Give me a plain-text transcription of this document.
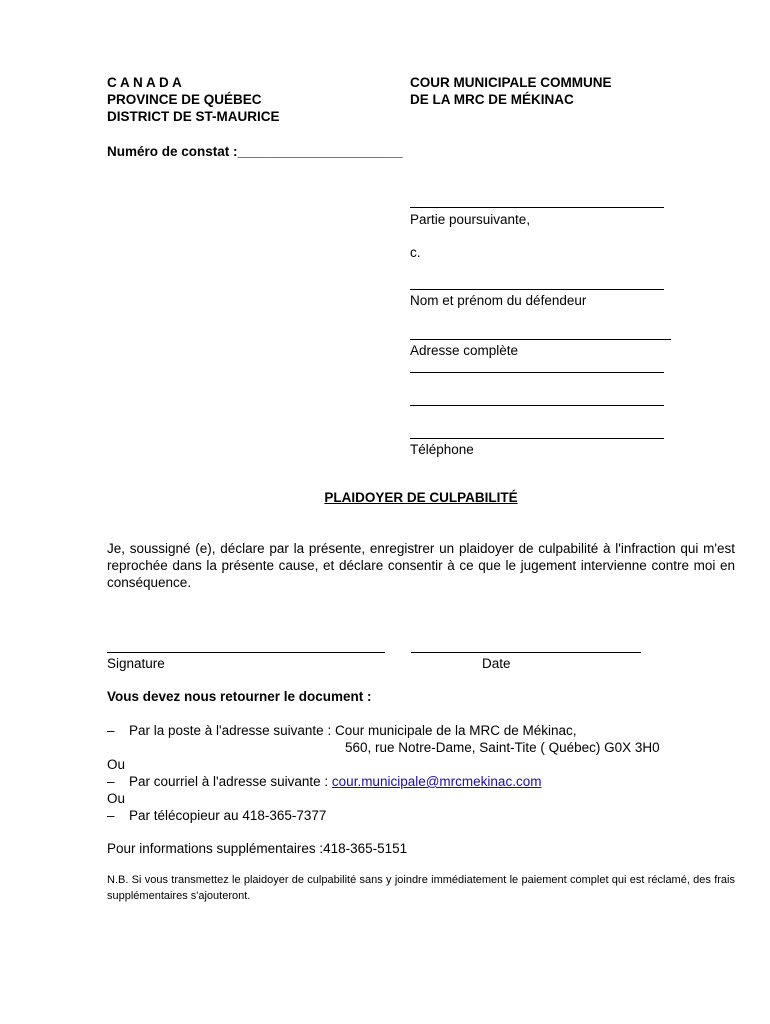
C A N A D A
PROVINCE DE QUÉBEC
DISTRICT DE ST-MAURICE
COUR MUNICIPALE COMMUNE
DE LA MRC DE MÉKINAC
Numéro de constat :______________________
Partie poursuivante,
c.
Nom et prénom du défendeur
Adresse complète
Téléphone
PLAIDOYER DE CULPABILITÉ
Je, soussigné (e), déclare par la présente, enregistrer un plaidoyer de culpabilité à l'infraction qui m'est reprochée dans la présente cause, et déclare consentir à ce que le jugement intervienne contre moi en conséquence.
Signature	Date
Vous devez nous retourner le document :
– Par la poste à l'adresse suivante : Cour municipale de la MRC de Mékinac,
560, rue Notre-Dame, Saint-Tite ( Québec) G0X 3H0
Ou
– Par courriel à l'adresse suivante : cour.municipale@mrcmekinac.com
Ou
– Par télécopieur au 418-365-7377
Pour informations supplémentaires :418-365-5151
N.B. Si vous transmettez le plaidoyer de culpabilité sans y joindre immédiatement le paiement complet qui est réclamé, des frais supplémentaires s'ajouteront.
